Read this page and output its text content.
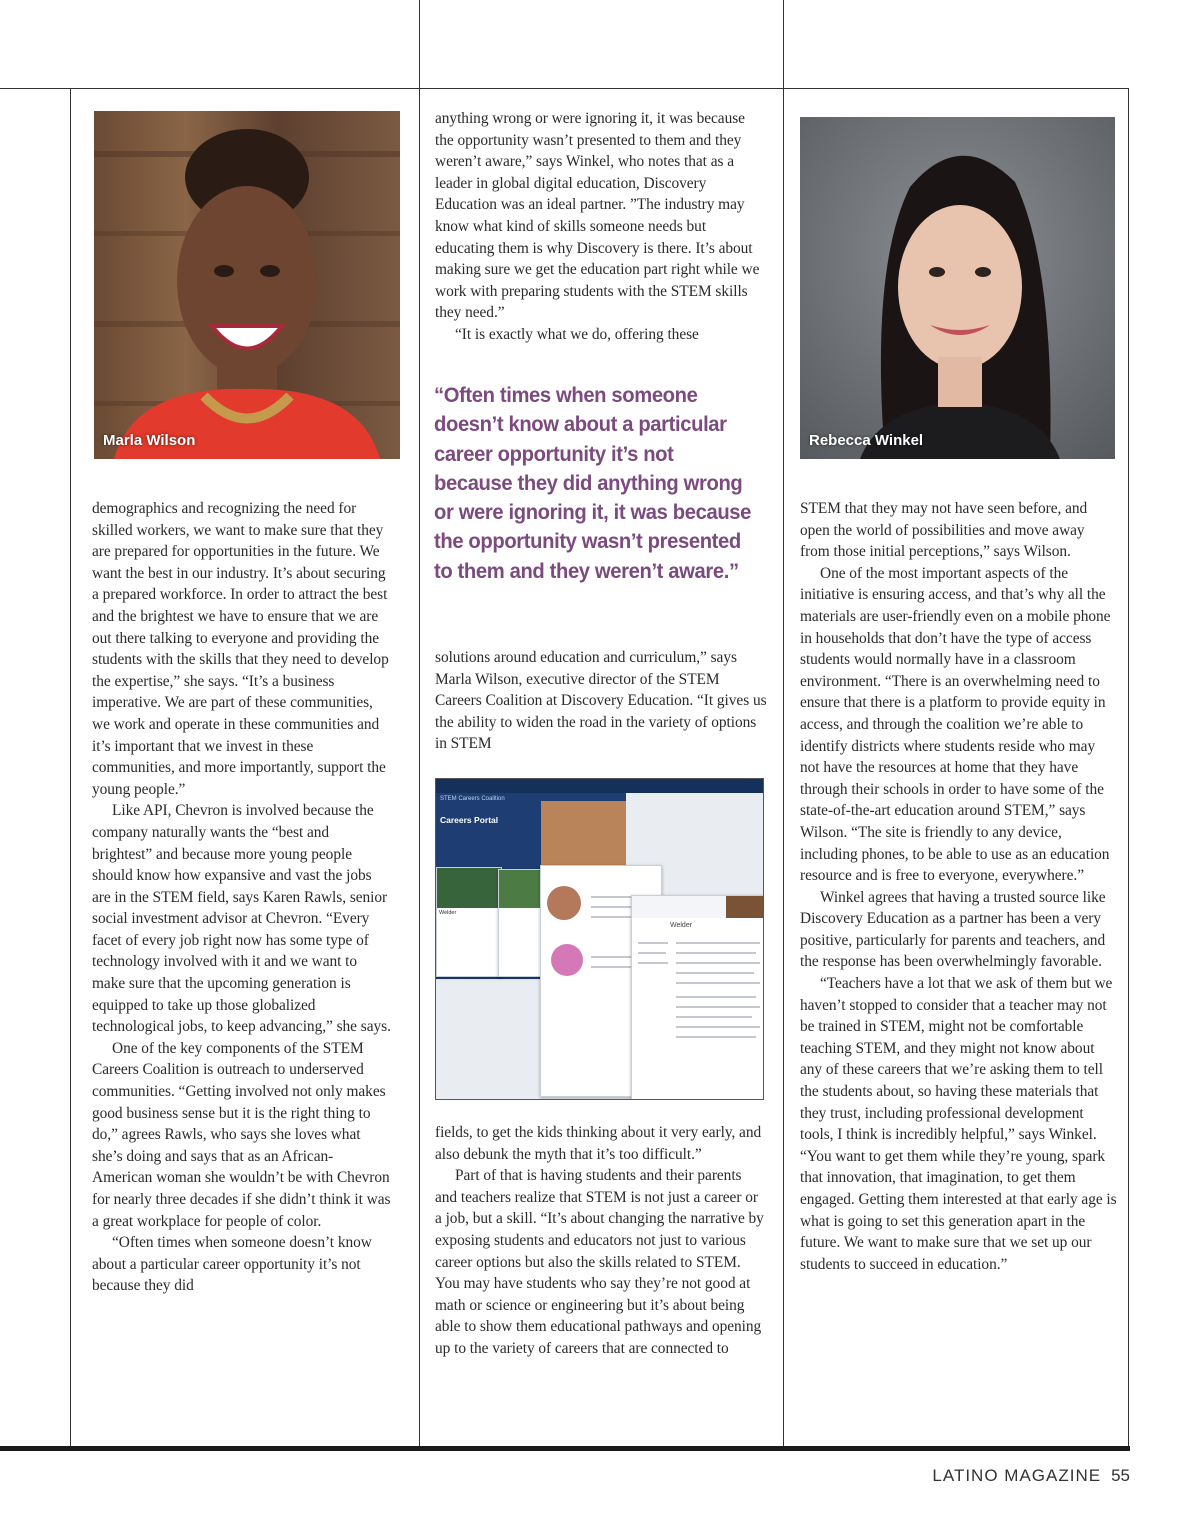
Marla Wilson	Rebecca Winkel

demographics and recognizing the need for skilled workers, we want to make sure that they are prepared for opportunities in the future. We want the best in our industry. It’s about securing a prepared workforce. In order to attract the best and the brightest we have to ensure that we are out there talking to everyone and providing the students with the skills that they need to develop the expertise,” she says. “It’s a business imperative. We are part of these communities, we work and operate in these communities and it’s important that we invest in these communities, and more importantly, support the young people.”

Like API, Chevron is involved because the company naturally wants the “best and brightest” and because more young people should know how expansive and vast the jobs are in the STEM field, says Karen Rawls, senior social investment advisor at Chevron. “Every facet of every job right now has some type of technology involved with it and we want to make sure that the upcoming generation is equipped to take up those globalized technological jobs, to keep advancing,” she says.

One of the key components of the STEM Careers Coalition is outreach to underserved communities. “Getting involved not only makes good business sense but it is the right thing to do,” agrees Rawls, who says she loves what she’s doing and says that as an African-American woman she wouldn’t be with Chevron for nearly three decades if she didn’t think it was a great workplace for people of color.

“Often times when someone doesn’t know about a particular career opportunity it’s not because they did

anything wrong or were ignoring it, it was because the opportunity wasn’t presented to them and they weren’t aware,” says Winkel, who notes that as a leader in global digital education, Discovery Education was an ideal partner. ”The industry may know what kind of skills someone needs but educating them is why Discovery is there. It’s about making sure we get the education part right while we work with preparing students with the STEM skills they need.”

“It is exactly what we do, offering these

“Often times when someone doesn’t know about a particular career opportunity it’s not because they did anything wrong or were ignoring it, it was because the opportunity wasn’t presented to them and they weren’t aware.”

solutions around education and curriculum,” says Marla Wilson, executive director of the STEM Careers Coalition at Discovery Education. “It gives us the ability to widen the road in the variety of options in STEM

Careers Portal
STEM Careers Coalition
Welder
Welder

fields, to get the kids thinking about it very early, and also debunk the myth that it’s too difficult.”

Part of that is having students and their parents and teachers realize that STEM is not just a career or a job, but a skill. “It’s about changing the narrative by exposing students and educators not just to various career options but also the skills related to STEM. You may have students who say they’re not good at math or science or engineering but it’s about being able to show them educational pathways and opening up to the variety of careers that are connected to

STEM that they may not have seen before, and open the world of possibilities and move away from those initial perceptions,” says Wilson.

One of the most important aspects of the initiative is ensuring access, and that’s why all the materials are user-friendly even on a mobile phone in households that don’t have the type of access students would normally have in a classroom environment. “There is an overwhelming need to ensure that there is a platform to provide equity in access, and through the coalition we’re able to identify districts where students reside who may not have the resources at home that they have through their schools in order to have some of the state-of-the-art education around STEM,” says Wilson. “The site is friendly to any device, including phones, to be able to use as an education resource and is free to everyone, everywhere.”

Winkel agrees that having a trusted source like Discovery Education as a partner has been a very positive, particularly for parents and teachers, and the response has been overwhelmingly favorable.

“Teachers have a lot that we ask of them but we haven’t stopped to consider that a teacher may not be trained in STEM, might not be comfortable teaching STEM, and they might not know about any of these careers that we’re asking them to tell the students about, so having these materials that they trust, including professional development tools, I think is incredibly helpful,” says Winkel. “You want to get them while they’re young, spark that innovation, that imagination, to get them engaged. Getting them interested at that early age is what is going to set this generation apart in the future. We want to make sure that we set up our students to succeed in education.”

LATINO MAGAZINE 55
